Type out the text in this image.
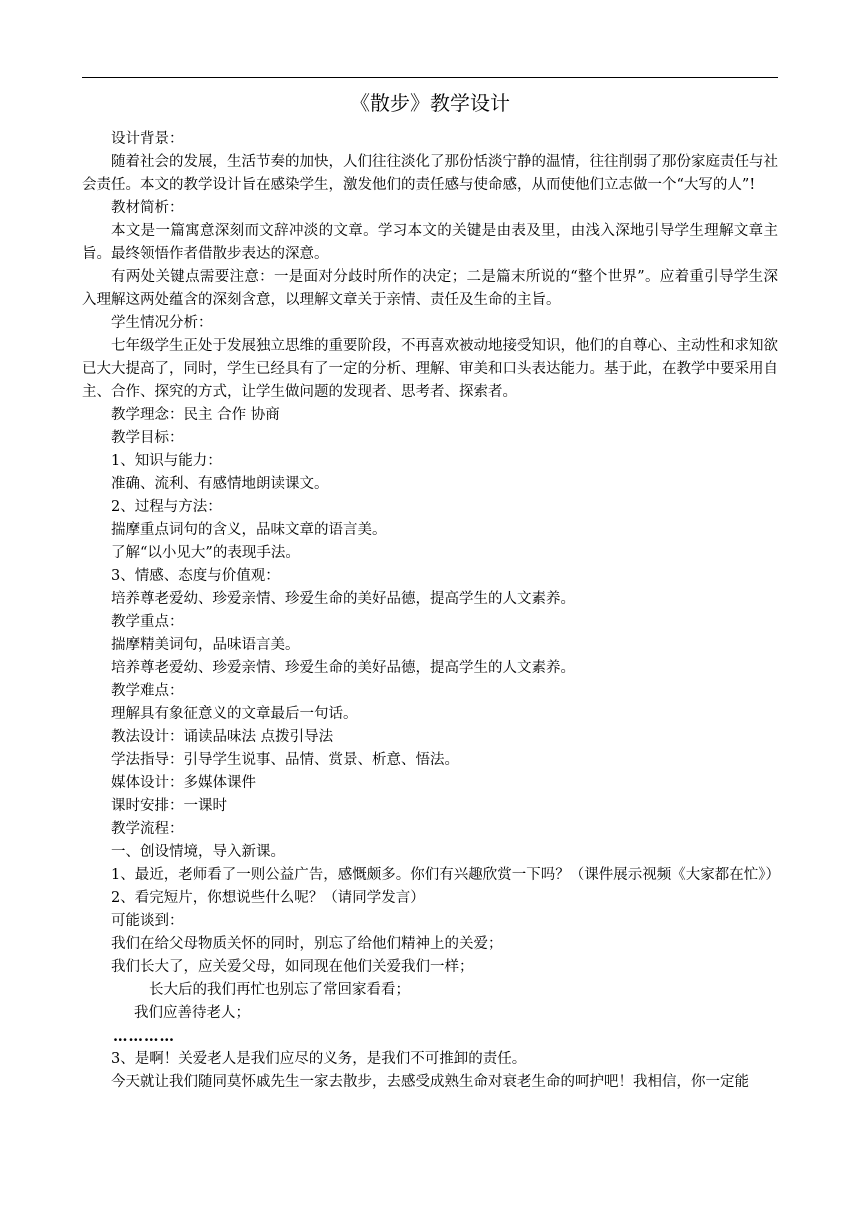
《散步》教学设计

设计背景：

随着社会的发展，生活节奏的加快，人们往往淡化了那份恬淡宁静的温情，往往削弱了那份家庭责任与社会责任。本文的教学设计旨在感染学生，激发他们的责任感与使命感，从而使他们立志做一个“大写的人”!

教材简析：

本文是一篇寓意深刻而文辞冲淡的文章。学习本文的关键是由表及里，由浅入深地引导学生理解文章主旨。最终领悟作者借散步表达的深意。

有两处关键点需要注意：一是面对分歧时所作的决定；二是篇末所说的“整个世界”。应着重引导学生深入理解这两处蕴含的深刻含意，以理解文章关于亲情、责任及生命的主旨。

学生情况分析：

七年级学生正处于发展独立思维的重要阶段，不再喜欢被动地接受知识，他们的自尊心、主动性和求知欲已大大提高了，同时，学生已经具有了一定的分析、理解、审美和口头表达能力。基于此，在教学中要采用自主、合作、探究的方式，让学生做问题的发现者、思考者、探索者。

教学理念：民主 合作 协商

教学目标：

1、知识与能力：

准确、流利、有感情地朗读课文。

2、过程与方法：

揣摩重点词句的含义，品味文章的语言美。

了解“以小见大”的表现手法。

3、情感、态度与价值观：

培养尊老爱幼、珍爱亲情、珍爱生命的美好品德，提高学生的人文素养。

教学重点：

揣摩精美词句，品味语言美。

培养尊老爱幼、珍爱亲情、珍爱生命的美好品德，提高学生的人文素养。

教学难点：

理解具有象征意义的文章最后一句话。

教法设计：诵读品味法 点拨引导法

学法指导：引导学生说事、品情、赏景、析意、悟法。

媒体设计：多媒体课件

课时安排：一课时

教学流程：

一、创设情境，导入新课。

1、最近，老师看了一则公益广告，感慨颇多。你们有兴趣欣赏一下吗？（课件展示视频《大家都在忙》）

2、看完短片，你想说些什么呢？（请同学发言）

可能谈到：

我们在给父母物质关怀的同时，别忘了给他们精神上的关爱；

我们长大了，应关爱父母，如同现在他们关爱我们一样；

长大后的我们再忙也别忘了常回家看看；

我们应善待老人；

…………

3、是啊！关爱老人是我们应尽的义务，是我们不可推卸的责任。

今天就让我们随同莫怀戚先生一家去散步，去感受成熟生命对衰老生命的呵护吧！我相信，你一定能
